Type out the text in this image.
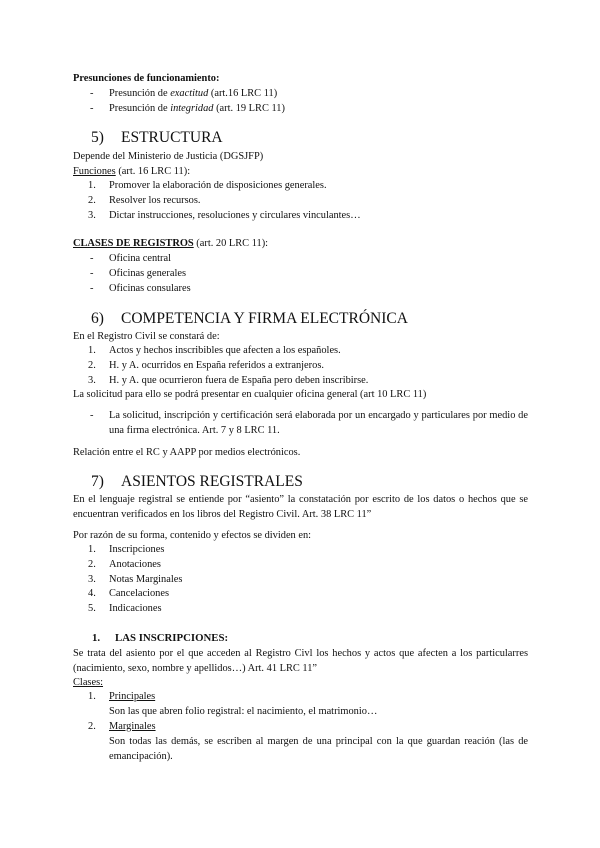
Presunciones de funcionamiento:

-	Presunción de exactitud (art.16 LRC 11)
-	Presunción de integridad (art. 19 LRC 11)

5) ESTRUCTURA

Depende del Ministerio de Justicia (DGSJFP)

Funciones (art. 16 LRC 11):

1.	Promover la elaboración de disposiciones generales.
2.	Resolver los recursos.
3.	Dictar instrucciones, resoluciones y circulares vinculantes…

CLASES DE REGISTROS (art. 20 LRC 11):

-	Oficina central
-	Oficinas generales
-	Oficinas consulares

6) COMPETENCIA Y FIRMA ELECTRÓNICA

En el Registro Civil se constará de:

1.	Actos y hechos inscribibles que afecten a los españoles.
2.	H. y A. ocurridos en España referidos a extranjeros.
3.	H. y A. que ocurrieron fuera de España pero deben inscribirse.

La solicitud para ello se podrá presentar en cualquier oficina general (art 10 LRC 11)

-	La solicitud, inscripción y certificación será elaborada por un encargado y particulares por medio de una firma electrónica. Art. 7 y 8 LRC 11.

Relación entre el RC y AAPP por medios electrónicos.

7) ASIENTOS REGISTRALES

En el lenguaje registral se entiende por “asiento” la constatación por escrito de los datos o hechos que se encuentran verificados en los libros del Registro Civil. Art. 38 LRC 11”

Por razón de su forma, contenido y efectos se dividen en:

1.	Inscripciones
2.	Anotaciones
3.	Notas Marginales
4.	Cancelaciones
5.	Indicaciones

1. LAS INSCRIPCIONES:

Se trata del asiento por el que acceden al Registro Civl los hechos y actos que afecten a los particularres (nacimiento, sexo, nombre y apellidos…) Art. 41 LRC 11”

Clases:

1.	Principales
Son las que abren folio registral: el nacimiento, el matrimonio…
2.	Marginales
Son todas las demás, se escriben al margen de una principal con la que guardan reación (las de emancipación).
